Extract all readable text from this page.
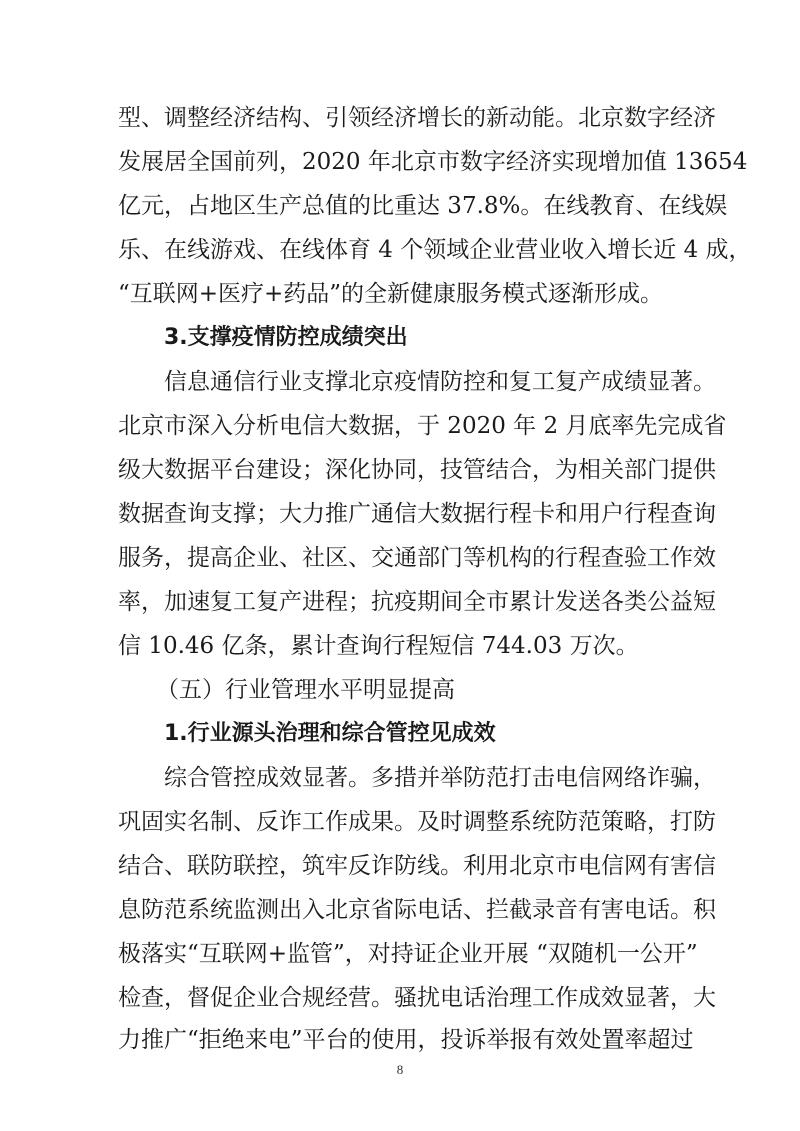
型、调整经济结构、引领经济增长的新动能。北京数字经济
发展居全国前列，2020 年北京市数字经济实现增加值 13654
亿元，占地区生产总值的比重达 37.8%。在线教育、在线娱
乐、在线游戏、在线体育 4 个领域企业营业收入增长近 4 成，
“互联网+医疗+药品”的全新健康服务模式逐渐形成。
3.支撑疫情防控成绩突出
信息通信行业支撑北京疫情防控和复工复产成绩显著。
北京市深入分析电信大数据，于 2020 年 2 月底率先完成省
级大数据平台建设；深化协同，技管结合，为相关部门提供
数据查询支撑；大力推广通信大数据行程卡和用户行程查询
服务，提高企业、社区、交通部门等机构的行程查验工作效
率，加速复工复产进程；抗疫期间全市累计发送各类公益短
信 10.46 亿条，累计查询行程短信 744.03 万次。
（五）行业管理水平明显提高
1.行业源头治理和综合管控见成效
综合管控成效显著。多措并举防范打击电信网络诈骗，
巩固实名制、反诈工作成果。及时调整系统防范策略，打防
结合、联防联控，筑牢反诈防线。利用北京市电信网有害信
息防范系统监测出入北京省际电话、拦截录音有害电话。积
极落实“互联网+监管”，对持证企业开展 “双随机一公开”
检查，督促企业合规经营。骚扰电话治理工作成效显著，大
力推广“拒绝来电”平台的使用，投诉举报有效处置率超过
8
